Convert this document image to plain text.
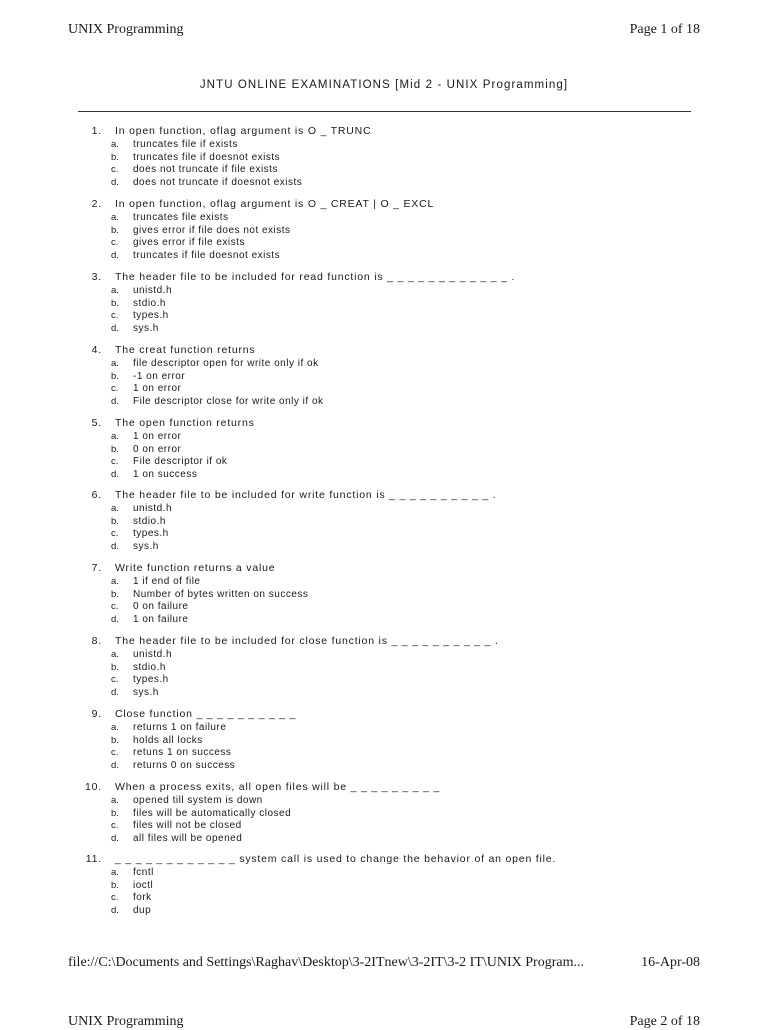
UNIX Programming	Page 1 of 18
JNTU ONLINE EXAMINATIONS [Mid 2 - UNIX Programming]
1. In open function, oflag argument is O _ TRUNC
a. truncates file if exists
b. truncates file if doesnot exists
c. does not truncate if file exists
d. does not truncate if doesnot exists
2. In open function, oflag argument is O _ CREAT | O _ EXCL
a. truncates file exists
b. gives error if file does not exists
c. gives error if file exists
d. truncates if file doesnot exists
3. The header file to be included for read function is _ _ _ _ _ _ _ _ _ _ _ _ .
a. unistd.h
b. stdio.h
c. types.h
d. sys.h
4. The creat function returns
a. file descriptor open for write only if ok
b. -1 on error
c. 1 on error
d. File descriptor close for write only if ok
5. The open function returns
a. 1 on error
b. 0 on error
c. File descriptor if ok
d. 1 on success
6. The header file to be included for write function is _ _ _ _ _ _ _ _ _ _ .
a. unistd.h
b. stdio.h
c. types.h
d. sys.h
7. Write function returns a value
a. 1 if end of file
b. Number of bytes written on success
c. 0 on failure
d. 1 on failure
8. The header file to be included for close function is _ _ _ _ _ _ _ _ _ _ .
a. unistd.h
b. stdio.h
c. types.h
d. sys.h
9. Close function _ _ _ _ _ _ _ _ _ _
a. returns 1 on failure
b. holds all locks
c. retuns 1 on success
d. returns 0 on success
10. When a process exits, all open files will be _ _ _ _ _ _ _ _ _
a. opened till system is down
b. files will be automatically closed
c. files will not be closed
d. all files will be opened
11. _ _ _ _ _ _ _ _ _ _ _ _ system call is used to change the behavior of an open file.
a. fcntl
b. ioctl
c. fork
d. dup
file://C:\Documents and Settings\Raghav\Desktop\3-2ITnew\3-2IT\3-2 IT\UNIX Program...	16-Apr-08
UNIX Programming	Page 2 of 18
